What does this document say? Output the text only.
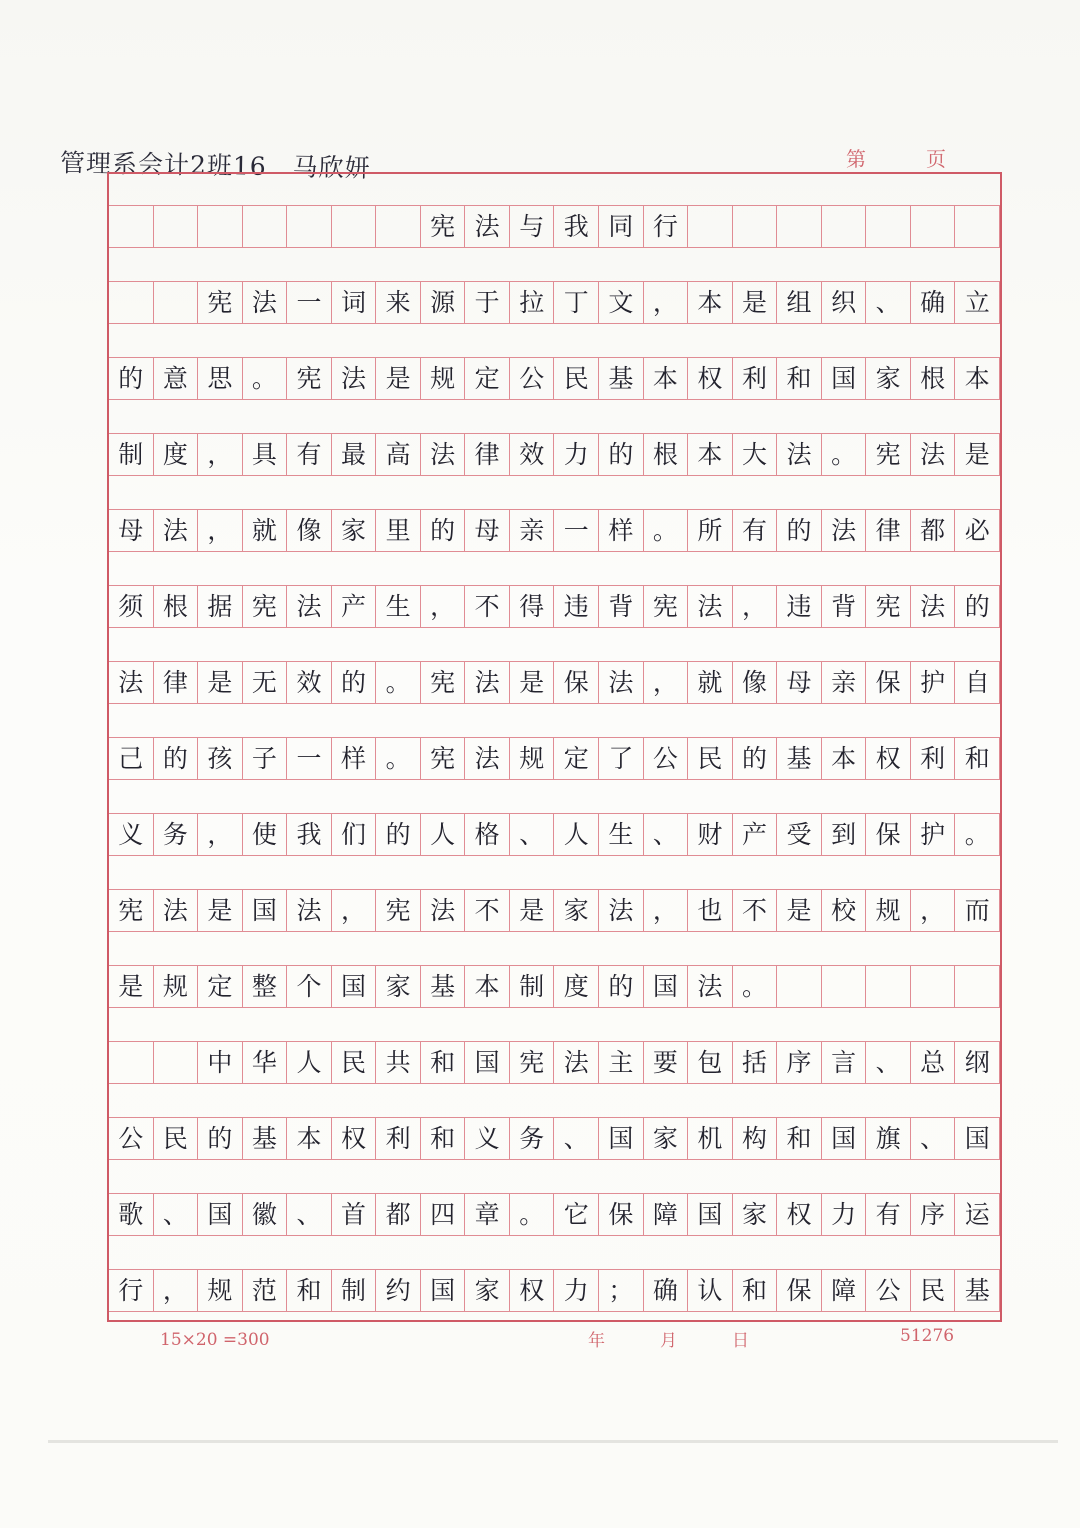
管理系会计2班16 马欣妍	第	页
宪 法 与 我 同 行
宪 法 一 词 来 源 于 拉 丁 文 ， 本 是 组 织 、 确 立
的 意 思 。 宪 法 是 规 定 公 民 基 本 权 利 和 国 家 根 本
制 度 ， 具 有 最 高 法 律 效 力 的 根 本 大 法 。 宪 法 是
母 法 ， 就 像 家 里 的 母 亲 一 样 。 所 有 的 法 律 都 必
须 根 据 宪 法 产 生 ， 不 得 违 背 宪 法 ， 违 背 宪 法 的
法 律 是 无 效 的 。 宪 法 是 保 法 ， 就 像 母 亲 保 护 自
己 的 孩 子 一 样 。 宪 法 规 定 了 公 民 的 基 本 权 利 和
义 务 ， 使 我 们 的 人 格 、 人 生 、 财 产 受 到 保 护 。
宪 法 是 国 法 ， 宪 法 不 是 家 法 ， 也 不 是 校 规 ， 而
是 规 定 整 个 国 家 基 本 制 度 的 国 法 。
中 华 人 民 共 和 国 宪 法 主 要 包 括 序 言 、 总 纲
公 民 的 基 本 权 利 和 义 务 、 国 家 机 构 和 国 旗 、 国
歌 、 国 徽 、 首 都 四 章 。 它 保 障 国 家 权 力 有 序 运
行 ， 规 范 和 制 约 国 家 权 力 ； 确 认 和 保 障 公 民 基
15×20 =300	年	月	日	51276
